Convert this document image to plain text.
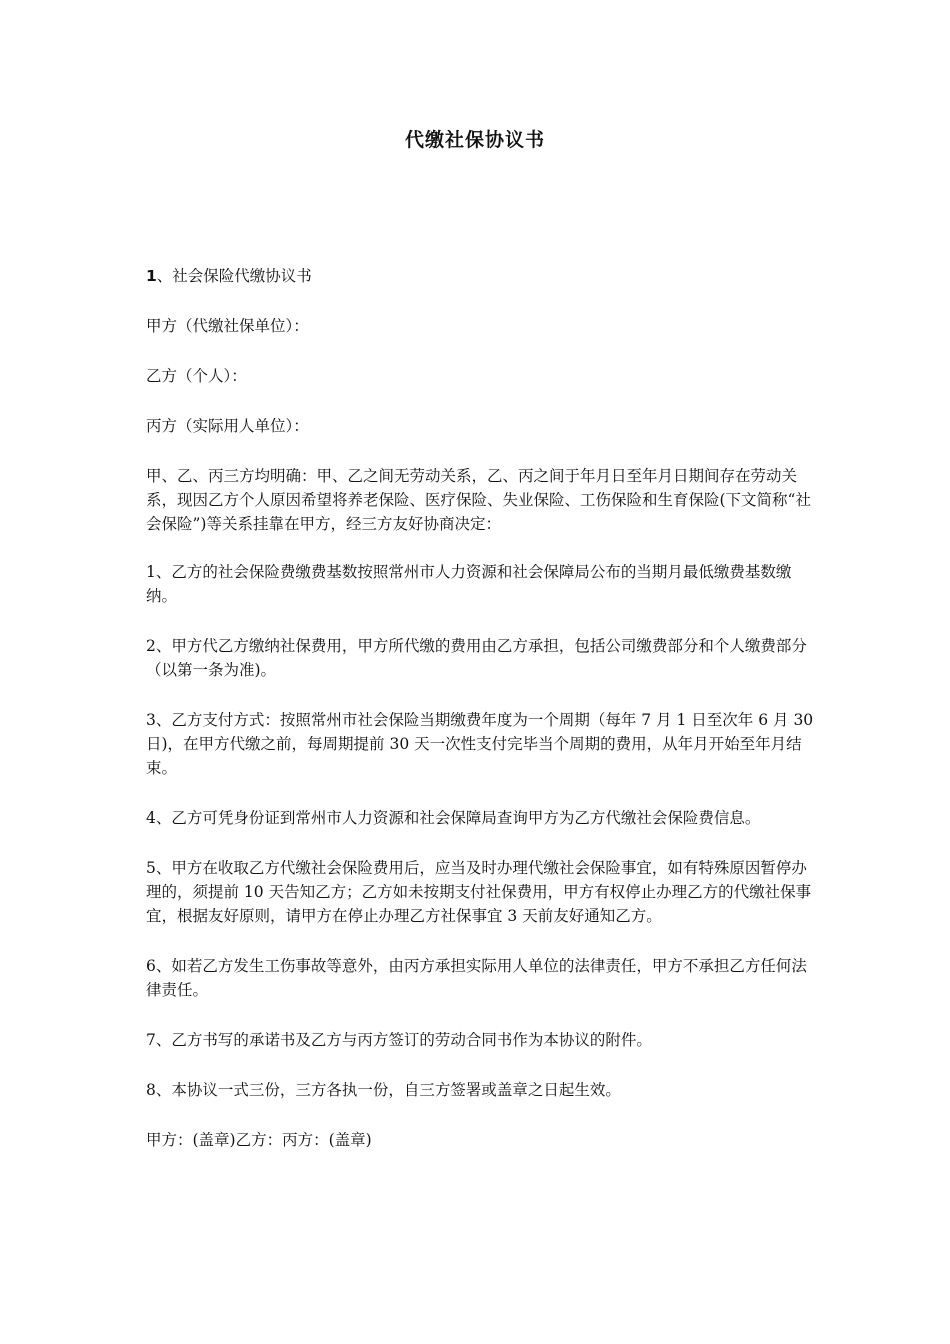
代缴社保协议书

1、社会保险代缴协议书

甲方（代缴社保单位）：

乙方（个人）：

丙方（实际用人单位）：

甲、乙、丙三方均明确：甲、乙之间无劳动关系，乙、丙之间于年月日至年月日期间存在劳动关系，现因乙方个人原因希望将养老保险、医疗保险、失业保险、工伤保险和生育保险(下文简称“社会保险”)等关系挂靠在甲方，经三方友好协商决定：

1、乙方的社会保险费缴费基数按照常州市人力资源和社会保障局公布的当期月最低缴费基数缴纳。

2、甲方代乙方缴纳社保费用，甲方所代缴的费用由乙方承担，包括公司缴费部分和个人缴费部分（以第一条为准)。

3、乙方支付方式：按照常州市社会保险当期缴费年度为一个周期（每年 7 月 1 日至次年 6 月 30 日)，在甲方代缴之前，每周期提前 30 天一次性支付完毕当个周期的费用，从年月开始至年月结束。

4、乙方可凭身份证到常州市人力资源和社会保障局查询甲方为乙方代缴社会保险费信息。

5、甲方在收取乙方代缴社会保险费用后，应当及时办理代缴社会保险事宜，如有特殊原因暂停办理的，须提前 10 天告知乙方；乙方如未按期支付社保费用，甲方有权停止办理乙方的代缴社保事宜，根据友好原则，请甲方在停止办理乙方社保事宜 3 天前友好通知乙方。

6、如若乙方发生工伤事故等意外，由丙方承担实际用人单位的法律责任，甲方不承担乙方任何法律责任。

7、乙方书写的承诺书及乙方与丙方签订的劳动合同书作为本协议的附件。

8、本协议一式三份，三方各执一份，自三方签署或盖章之日起生效。

甲方：(盖章)乙方：丙方：(盖章)
